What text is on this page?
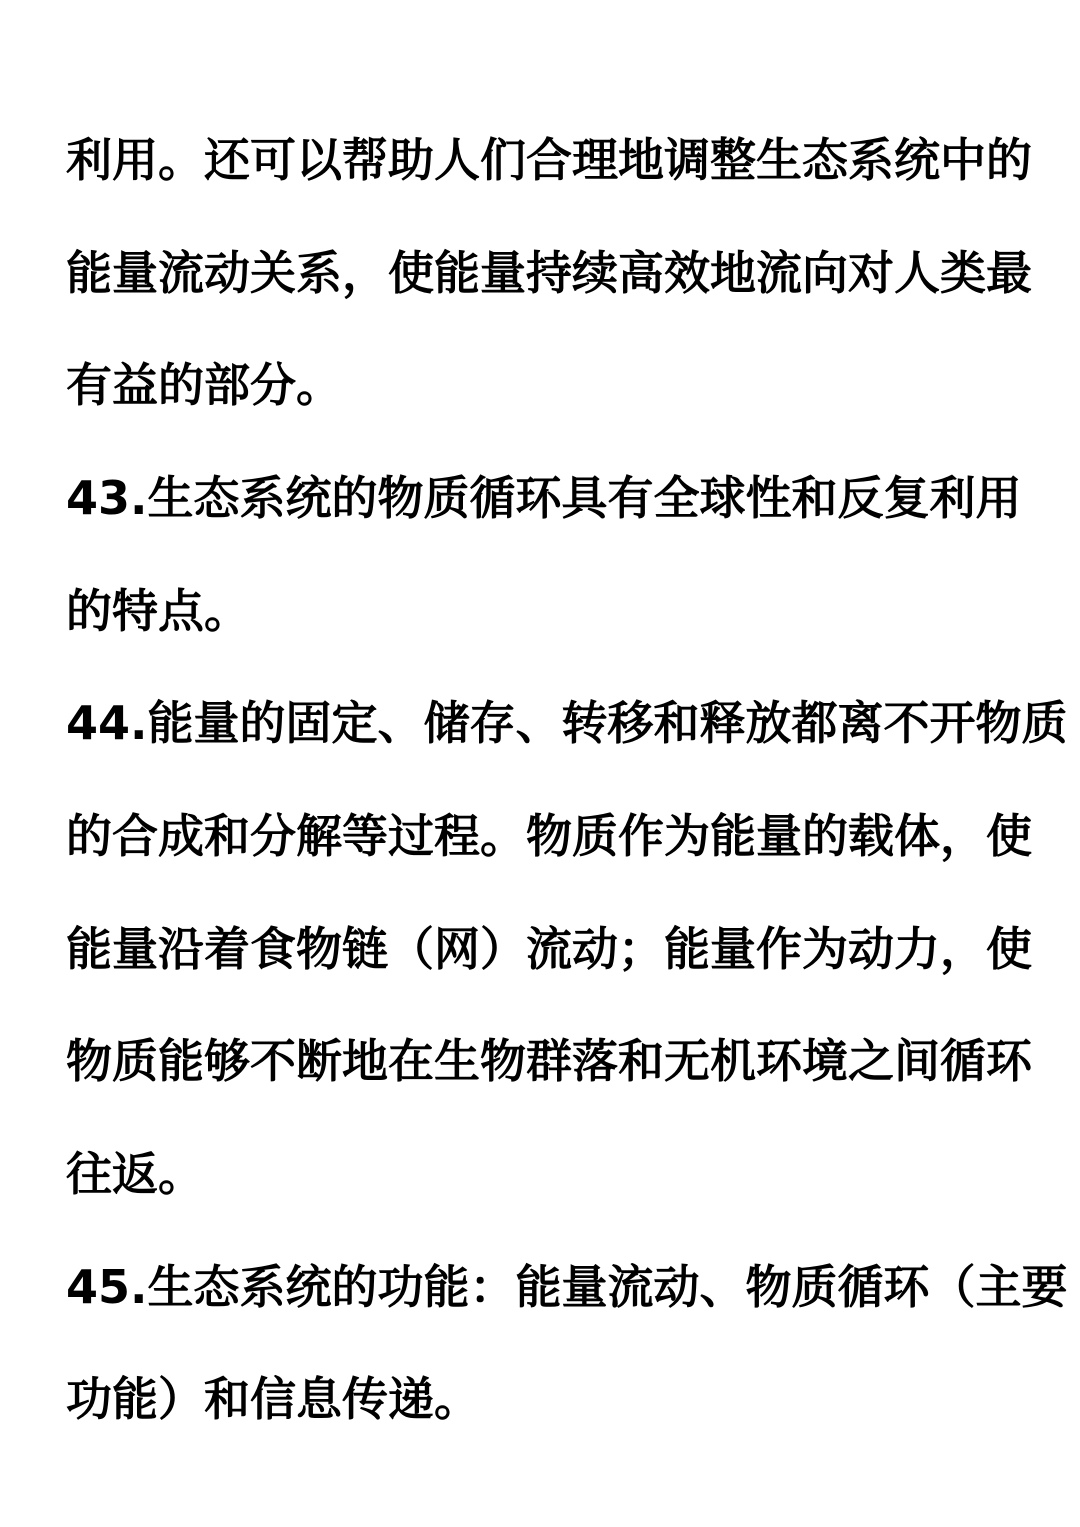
利用。还可以帮助人们合理地调整生态系统中的
能量流动关系，使能量持续高效地流向对人类最
有益的部分。
43.生态系统的物质循环具有全球性和反复利用
的特点。
44.能量的固定、储存、转移和释放都离不开物质
的合成和分解等过程。物质作为能量的载体，使
能量沿着食物链（网）流动；能量作为动力，使
物质能够不断地在生物群落和无机环境之间循环
往返。
45.生态系统的功能：能量流动、物质循环（主要
功能）和信息传递。
